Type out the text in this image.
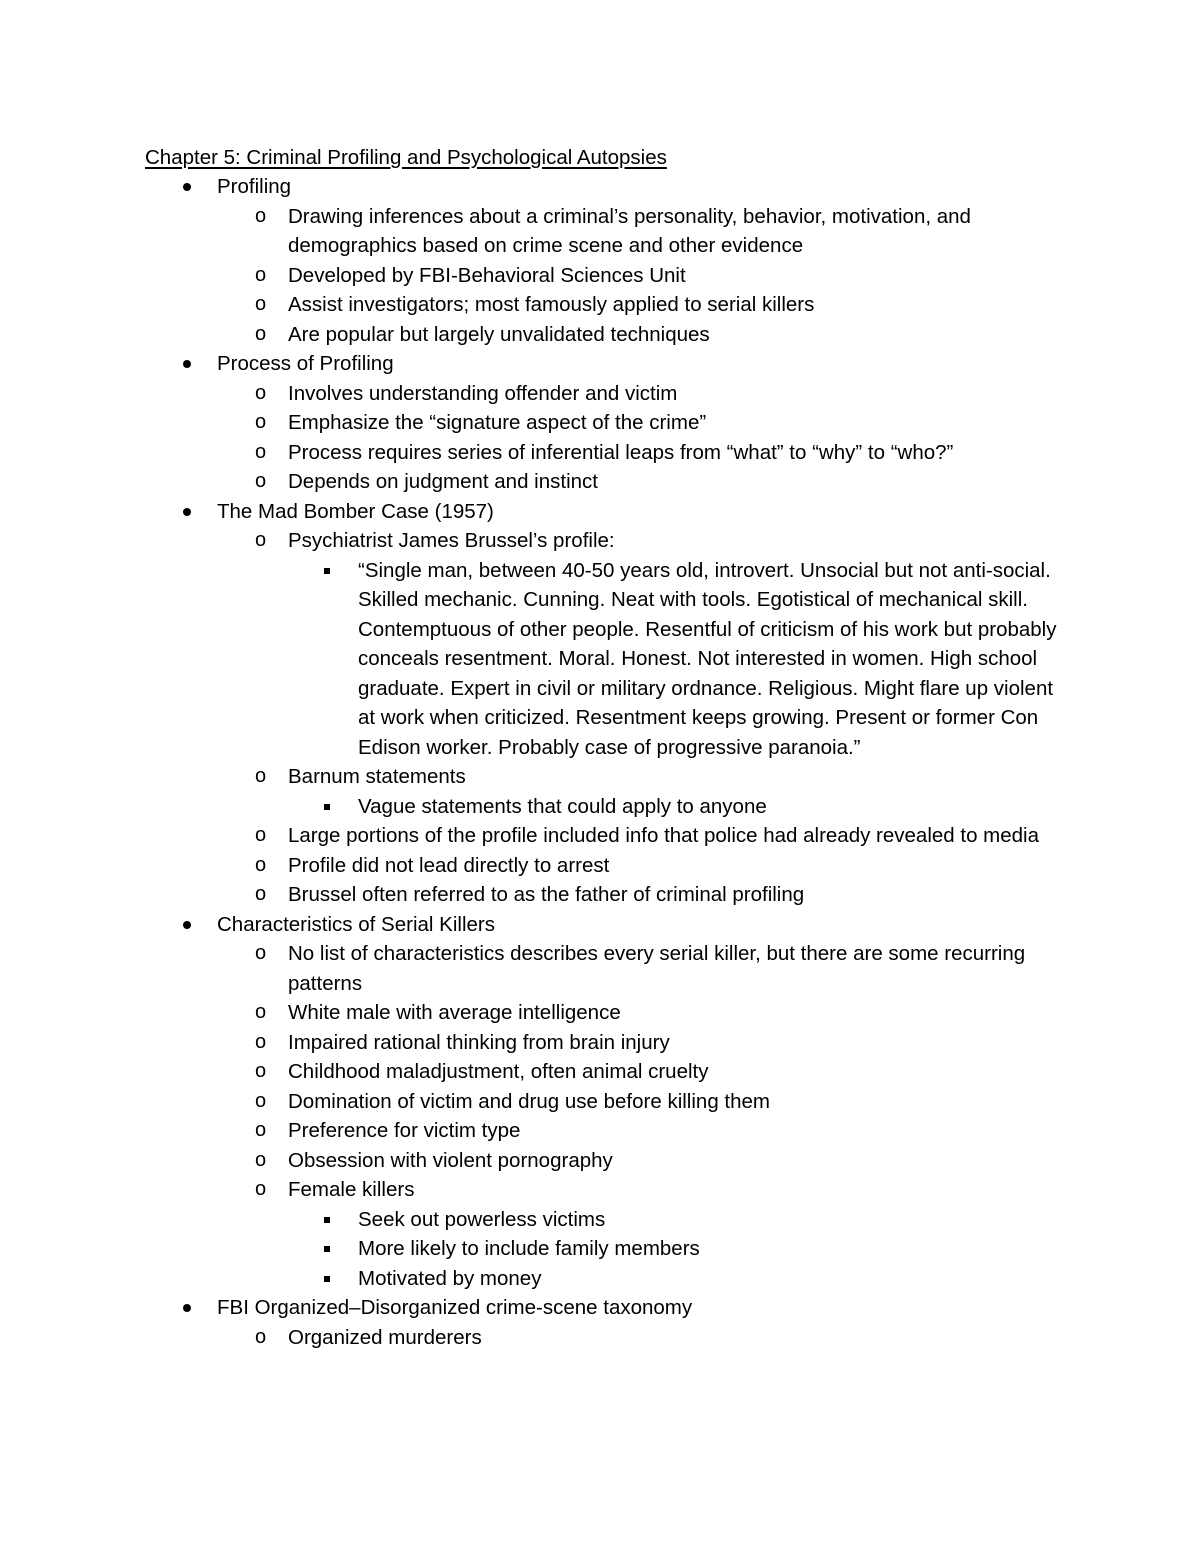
Chapter 5: Criminal Profiling and Psychological Autopsies
Profiling
o Drawing inferences about a criminal’s personality, behavior, motivation, and demographics based on crime scene and other evidence
o Developed by FBI-Behavioral Sciences Unit
o Assist investigators; most famously applied to serial killers
o Are popular but largely unvalidated techniques
Process of Profiling
o Involves understanding offender and victim
o Emphasize the “signature aspect of the crime”
o Process requires series of inferential leaps from “what” to “why” to “who?”
o Depends on judgment and instinct
The Mad Bomber Case (1957)
o Psychiatrist James Brussel’s profile:
“Single man, between 40-50 years old, introvert. Unsocial but not anti-social. Skilled mechanic. Cunning. Neat with tools. Egotistical of mechanical skill. Contemptuous of other people. Resentful of criticism of his work but probably conceals resentment. Moral. Honest. Not interested in women. High school graduate. Expert in civil or military ordnance. Religious. Might flare up violent at work when criticized. Resentment keeps growing. Present or former Con Edison worker. Probably case of progressive paranoia.”
o Barnum statements
Vague statements that could apply to anyone
o Large portions of the profile included info that police had already revealed to media
o Profile did not lead directly to arrest
o Brussel often referred to as the father of criminal profiling
Characteristics of Serial Killers
o No list of characteristics describes every serial killer, but there are some recurring patterns
o White male with average intelligence
o Impaired rational thinking from brain injury
o Childhood maladjustment, often animal cruelty
o Domination of victim and drug use before killing them
o Preference for victim type
o Obsession with violent pornography
o Female killers
Seek out powerless victims
More likely to include family members
Motivated by money
FBI Organized–Disorganized crime-scene taxonomy
o Organized murderers
